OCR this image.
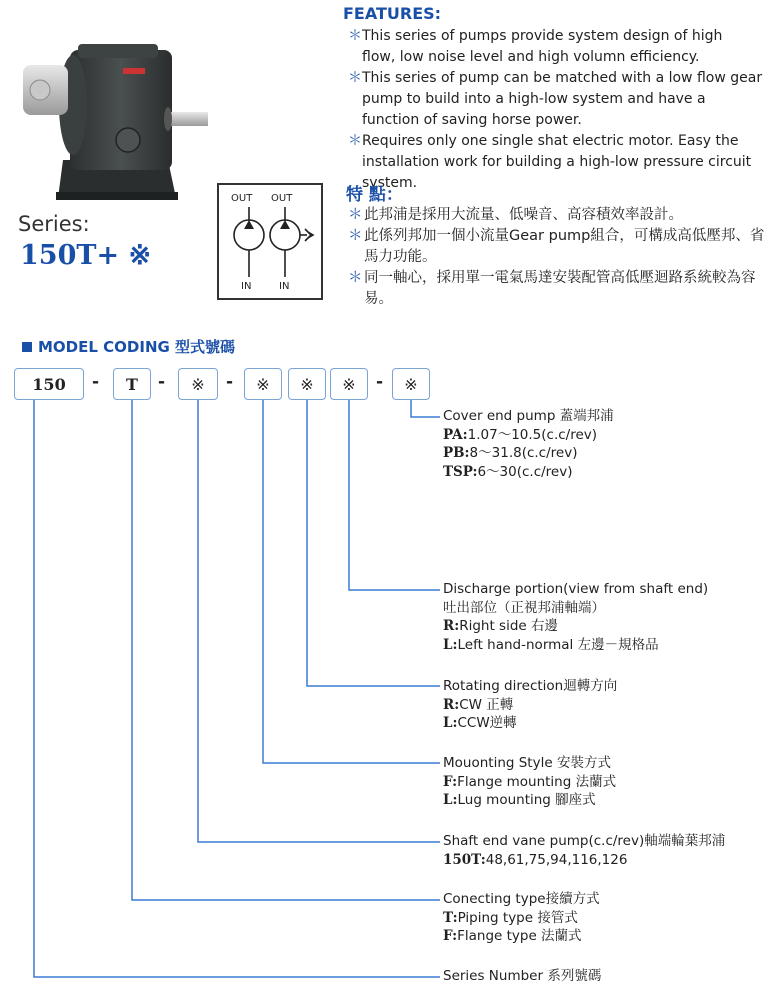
Series:
150T+ ※
OUT OUT
IN	IN
FEATURES:
＊ This series of pumps provide system design of high flow, low noise level and high volumn efficiency.
＊ This series of pump can be matched with a low flow gear pump to build into a high-low system and have a function of saving horse power.
＊ Requires only one single shat electric motor. Easy the installation work for building a high-low pressure circuit system.
特 點：
＊ 此邦浦是採用大流量、低噪音、高容積效率設計。
＊ 此係列邦加一個小流量Gear pump組合，可構成高低壓邦、省馬力功能。
＊ 同一軸心，採用單一電氣馬達安裝配管高低壓迴路系統較為容易。
MODEL CODING 型式號碼
150	-	T	-	※	-	※	※	※	-	※
Cover end pump 蓋端邦浦
PA:1.07～10.5(c.c/rev)
PB:8～31.8(c.c/rev)
TSP:6～30(c.c/rev)
Discharge portion(view from shaft end)
吐出部位（正視邦浦軸端）
R:Right side 右邊
L:Left hand-normal 左邊－規格品
Rotating direction迴轉方向
R:CW 正轉
L:CCW逆轉
Mouonting Style 安裝方式
F:Flange mounting 法蘭式
L:Lug mounting 腳座式
Shaft end vane pump(c.c/rev)軸端輪葉邦浦
150T:48,61,75,94,116,126
Conecting type接續方式
T:Piping type 接管式
F:Flange type 法蘭式
Series Number 系列號碼
